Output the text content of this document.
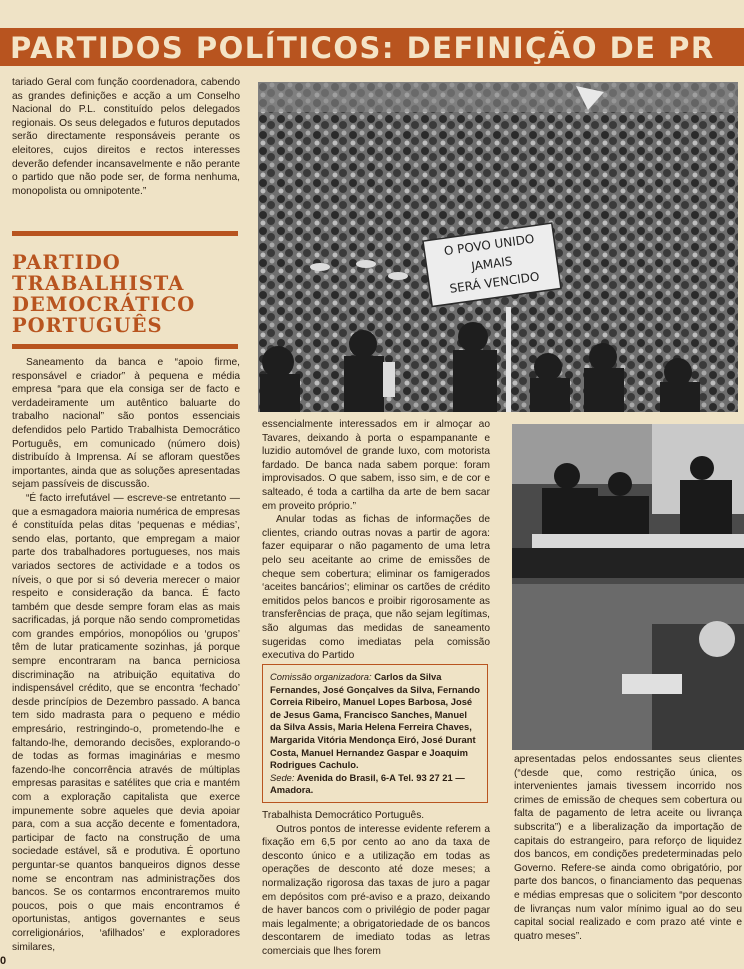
PARTIDOS POLÍTICOS: DEFINIÇÃO DE PR

tariado Geral com função coordenadora, cabendo as grandes definições e acção a um Conselho Nacional do P.L. constituído pelos delegados regionais. Os seus delegados e futuros deputados serão directamente responsáveis perante os eleitores, cujos direitos e rectos interesses deverão defender incansavelmente e não perante o partido que não pode ser, de forma nenhuma, monopolista ou omnipotente.”

PARTIDO TRABALHISTA DEMOCRÁTICO PORTUGUÊS

Saneamento da banca e “apoio firme, responsável e criador” à pequena e média empresa “para que ela consiga ser de facto e verdadeiramente um autêntico baluarte do trabalho nacional” são pontos essenciais defendidos pelo Partido Trabalhista Democrático Português, em comunicado (número dois) distribuído à Imprensa. Aí se afloram questões importantes, ainda que as soluções apresentadas sejam passíveis de discussão.

“É facto irrefutável — escreve-se entretanto — que a esmagadora maioria numérica de empresas é constituída pelas ditas ‘pequenas e médias’, sendo elas, portanto, que empregam a maior parte dos trabalhadores portugueses, nos mais variados sectores de actividade e a todos os níveis, o que por si só deveria merecer o maior respeito e consideração da banca. É facto também que desde sempre foram elas as mais sacrificadas, já porque não sendo comprometidas com grandes empórios, monopólios ou ‘grupos’ têm de lutar praticamente sozinhas, já porque sempre encontraram na banca perniciosa discriminação na atribuição equitativa do indispensável crédito, que se encontra ‘fechado’ desde princípios de Dezembro passado. A banca tem sido madrasta para o pequeno e médio empresário, restringindo-o, prometendo-lhe e faltando-lhe, demorando decisões, explorando-o de todas as formas imaginárias e mesmo fazendo-lhe concorrência através de múltiplas empresas parasitas e satélites que cria e mantém com a exploração capitalista que exerce impunemente sobre aqueles que devia apoiar para, com a sua acção decente e fomentadora, participar de facto na construção de uma sociedade estável, sã e produtiva. É oportuno perguntar-se quantos banqueiros dignos desse nome se encontram nas administrações dos bancos. Se os contarmos encontraremos muito poucos, pois o que mais encontramos é oportunistas, antigos governantes e seus correligionários, ‘afilhados’ e exploradores similares,

O POVO UNIDO
JAMAIS
SERÁ VENCIDO

essencialmente interessados em ir almoçar ao Tavares, deixando à porta o espampanante e luzidio automóvel de grande luxo, com motorista fardado. De banca nada sabem porque: foram improvisados. O que sabem, isso sim, e de cor e salteado, é toda a cartilha da arte de bem sacar em proveito próprio.”

Anular todas as fichas de informações de clientes, criando outras novas a partir de agora: fazer equiparar o não pagamento de uma letra pelo seu aceitante ao crime de emissões de cheque sem cobertura; eliminar os famigerados ‘aceites bancários’; eliminar os cartões de crédito emitidos pelos bancos e proibir rigorosamente as transferências de praça, que não sejam legítimas, são algumas das medidas de saneamento sugeridas como imediatas pela comissão executiva do Partido

Comissão organizadora: Carlos da Silva Fernandes, José Gonçalves da Silva, Fernando Correia Ribeiro, Manuel Lopes Barbosa, José de Jesus Gama, Francisco Sanches, Manuel da Silva Assis, Maria Helena Ferreira Chaves, Margarida Vitória Mendonça Eiró, José Durant Costa, Manuel Hernandez Gaspar e Joaquim Rodrigues Cachulo.
Sede: Avenida do Brasil, 6-A Tel. 93 27 21 — Amadora.

Trabalhista Democrático Português.

Outros pontos de interesse evidente referem a fixação em 6,5 por cento ao ano da taxa de desconto único e a utilização em todas as operações de desconto até doze meses; a normalização rigorosa das taxas de juro a pagar em depósitos com pré-aviso e a prazo, deixando de haver bancos com o privilégio de poder pagar mais legalmente; a obrigatoriedade de os bancos descontarem de imediato todas as letras comerciais que lhes forem

apresentadas pelos endossantes seus clientes (“desde que, como restrição única, os intervenientes jamais tivessem incorrido nos crimes de emissão de cheques sem cobertura ou falta de pagamento de letra aceite ou livrança subscrita”) e a liberalização da importação de capitais do estrangeiro, para reforço de liquidez dos bancos, em condições predeterminadas pelo Governo. Refere-se ainda como obrigatório, por parte dos bancos, o financiamento das pequenas e médias empresas que o solicitem “por desconto de livranças num valor mínimo igual ao do seu capital social realizado e com prazo até vinte e quatro meses”.

0
